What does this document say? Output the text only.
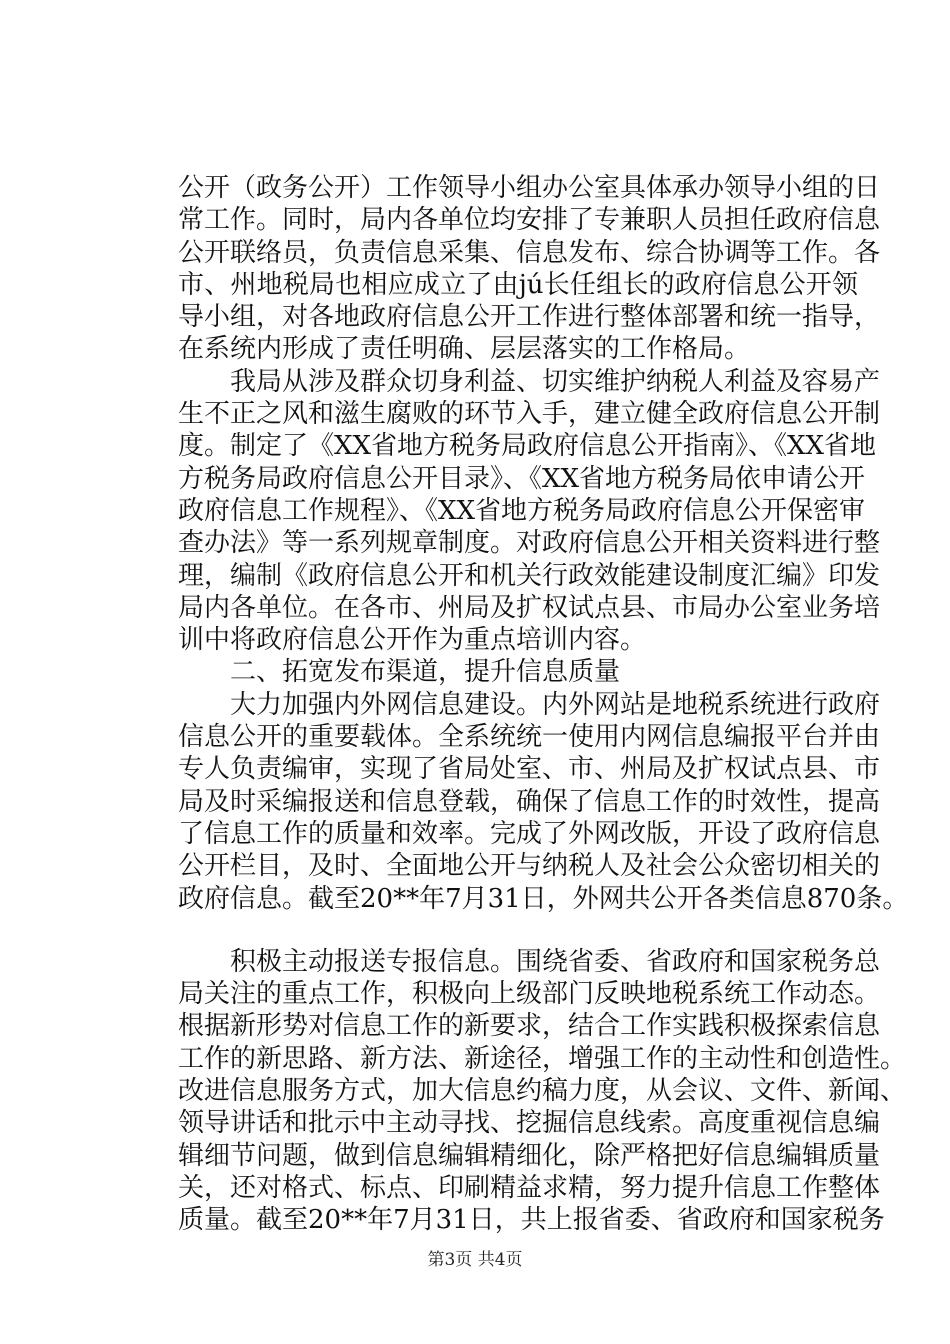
公开（政务公开）工作领导小组办公室具体承办领导小组的日
常工作。同时，局内各单位均安排了专兼职人员担任政府信息
公开联络员，负责信息采集、信息发布、综合协调等工作。各
市、州地税局也相应成立了由jú长任组长的政府信息公开领
导小组，对各地政府信息公开工作进行整体部署和统一指导，
在系统内形成了责任明确、层层落实的工作格局。
　　我局从涉及群众切身利益、切实维护纳税人利益及容易产
生不正之风和滋生腐败的环节入手，建立健全政府信息公开制
度。制定了《XX省地方税务局政府信息公开指南》、《XX省地
方税务局政府信息公开目录》、《XX省地方税务局依申请公开
政府信息工作规程》、《XX省地方税务局政府信息公开保密审
查办法》等一系列规章制度。对政府信息公开相关资料进行整
理，编制《政府信息公开和机关行政效能建设制度汇编》印发
局内各单位。在各市、州局及扩权试点县、市局办公室业务培
训中将政府信息公开作为重点培训内容。
　　二、拓宽发布渠道，提升信息质量
　　大力加强内外网信息建设。内外网站是地税系统进行政府
信息公开的重要载体。全系统统一使用内网信息编报平台并由
专人负责编审，实现了省局处室、市、州局及扩权试点县、市
局及时采编报送和信息登载，确保了信息工作的时效性，提高
了信息工作的质量和效率。完成了外网改版，开设了政府信息
公开栏目，及时、全面地公开与纳税人及社会公众密切相关的
政府信息。截至20**年7月31日，外网共公开各类信息870条。
　　积极主动报送专报信息。围绕省委、省政府和国家税务总
局关注的重点工作，积极向上级部门反映地税系统工作动态。
根据新形势对信息工作的新要求，结合工作实践积极探索信息
工作的新思路、新方法、新途径，增强工作的主动性和创造性。
改进信息服务方式，加大信息约稿力度，从会议、文件、新闻、
领导讲话和批示中主动寻找、挖掘信息线索。高度重视信息编
辑细节问题，做到信息编辑精细化，除严格把好信息编辑质量
关，还对格式、标点、印刷精益求精，努力提升信息工作整体
质量。截至20**年7月31日，共上报省委、省政府和国家税务
第3页 共4页
